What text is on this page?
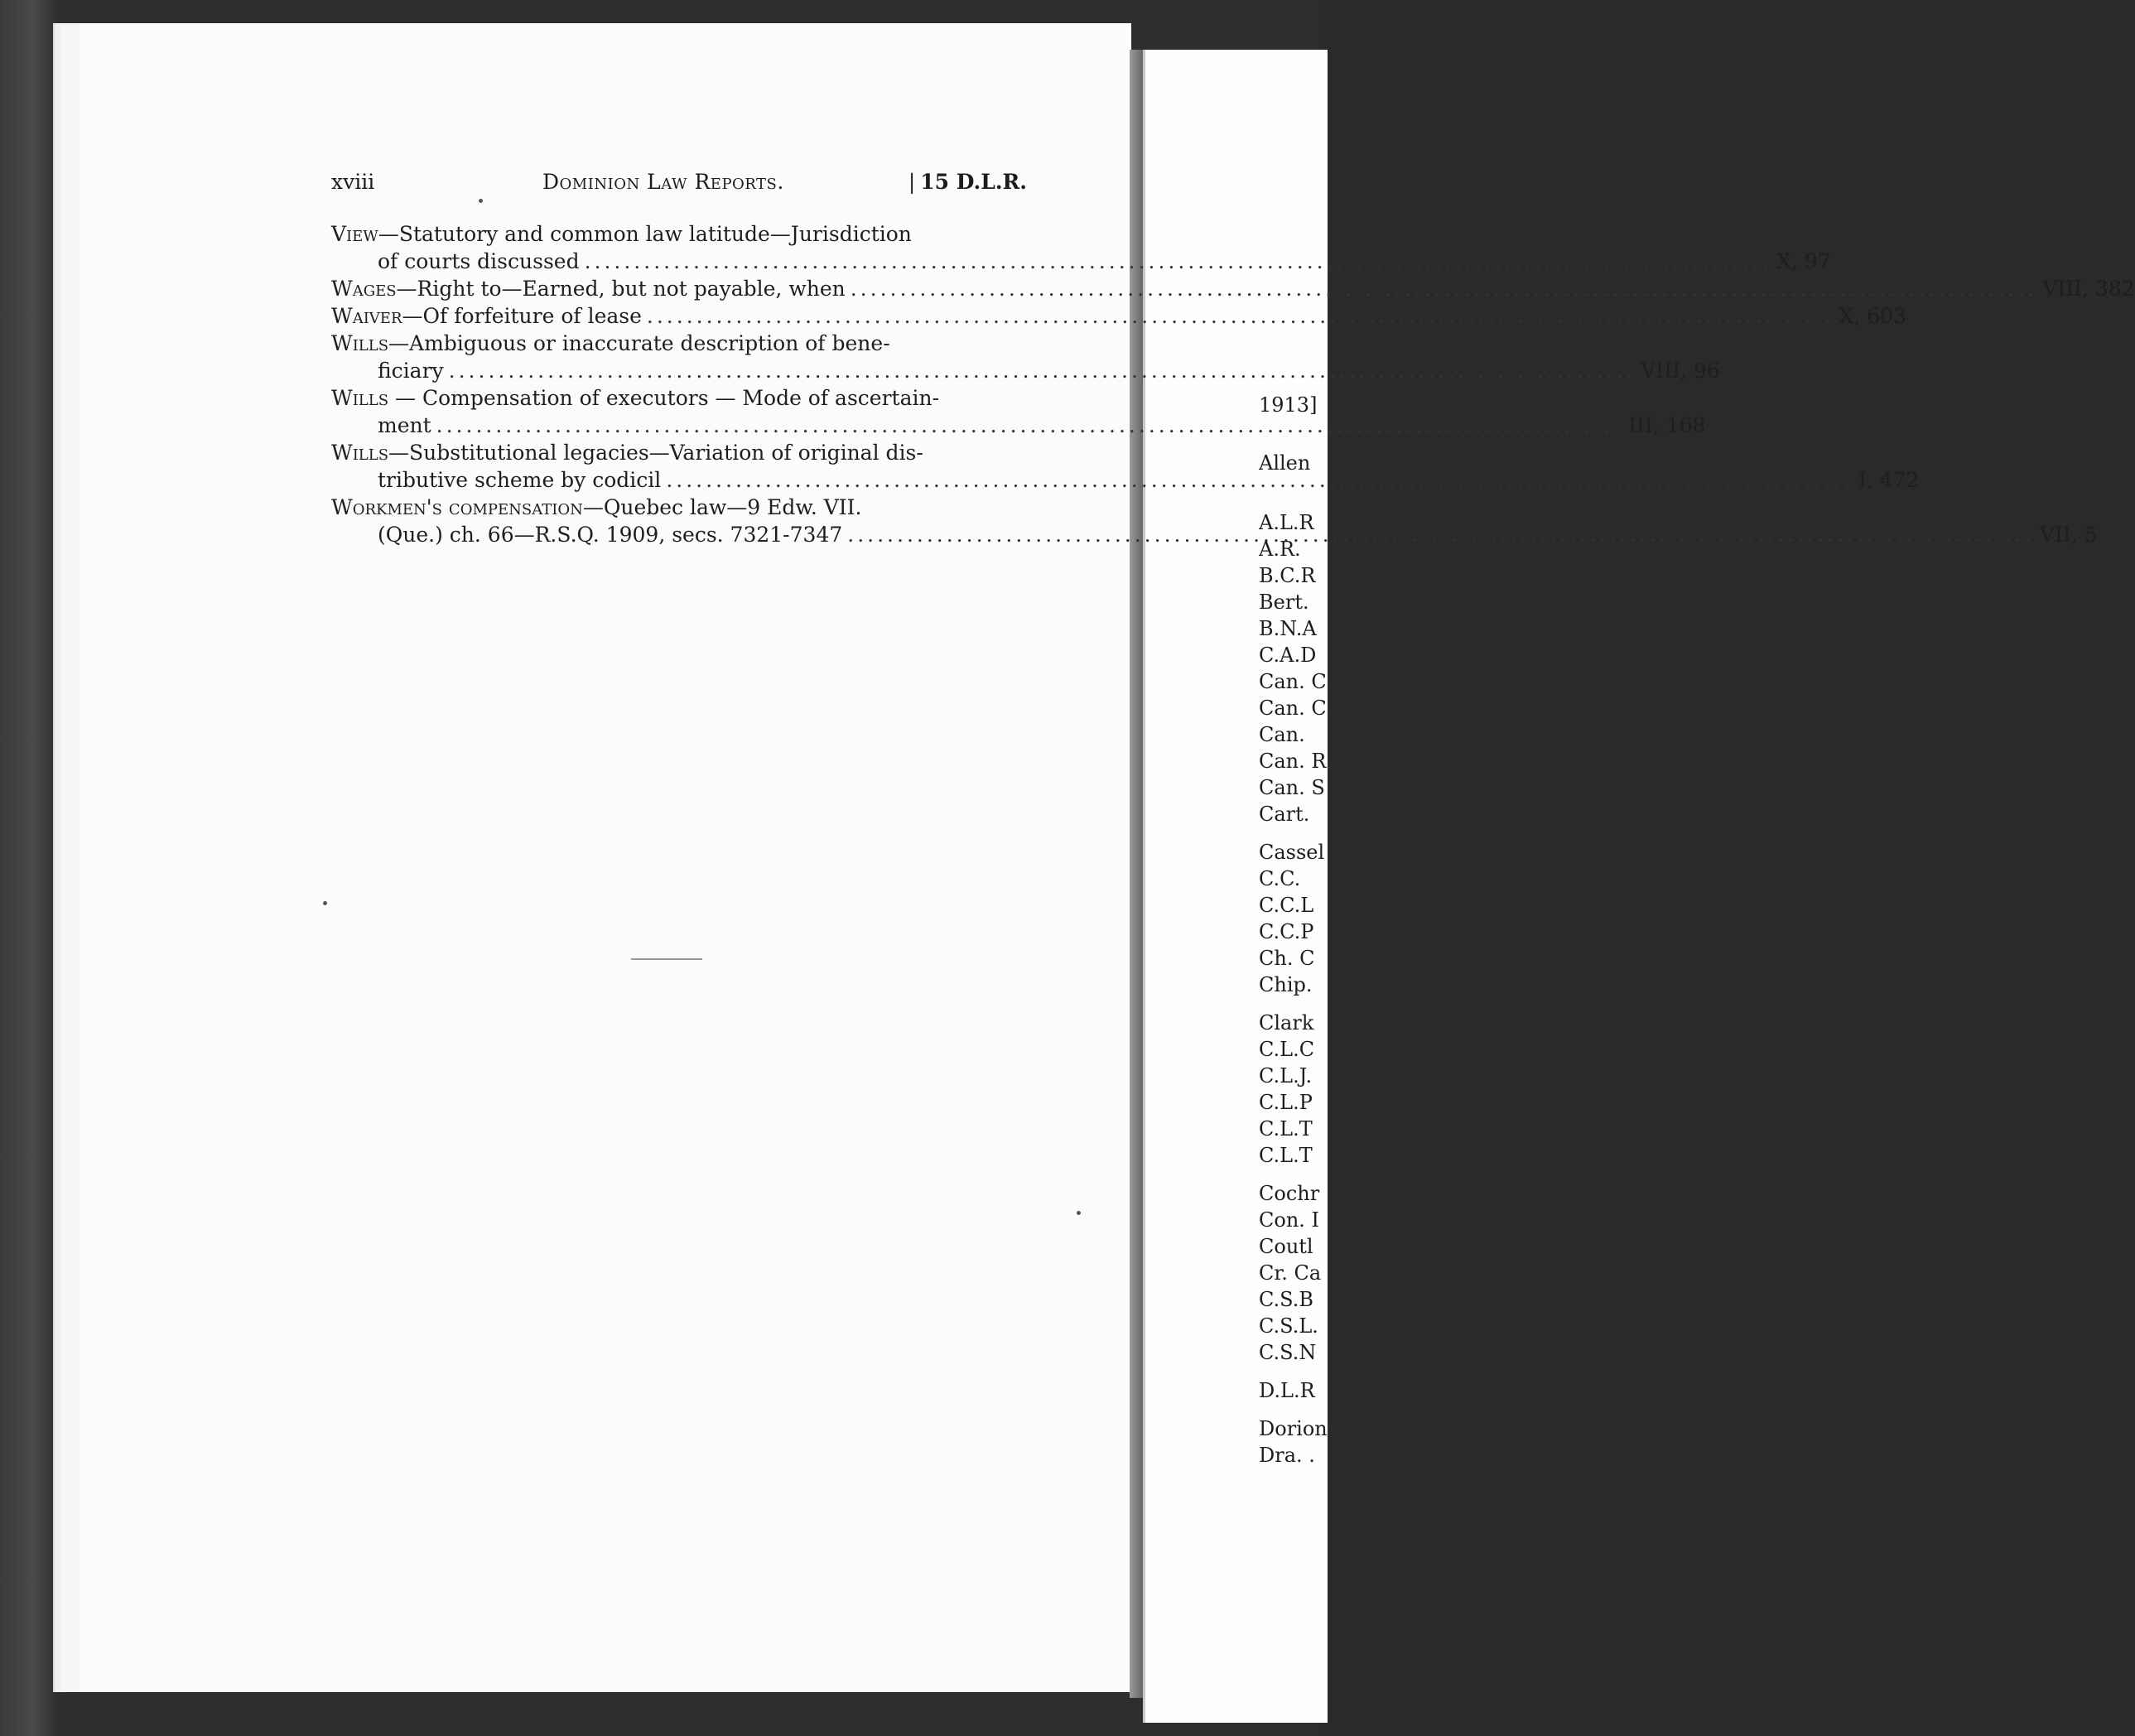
xviii	Dominion Law Reports.	| 15 D.L.R.
View—Statutory and common law latitude—Jurisdiction
of courts discussed .....	X, 97
Wages—Right to—Earned, but not payable, when .....	VIII, 382
Waiver—Of forfeiture of lease .....	X, 603
Wills—Ambiguous or inaccurate description of bene-
ficiary .....	VIII, 96
Wills — Compensation of executors — Mode of ascertain-
ment .....	III, 168
Wills—Substitutional legacies—Variation of original dis-
tributive scheme by codicil .....	I, 472
Workmen's compensation—Quebec law—9 Edw. VII.
(Que.) ch. 66—R.S.Q. 1909, secs. 7321-7347 .....	VII, 5
1913]
Allen
A.L.R
A.R.
B.C.R
Bert.
B.N.A
C.A.D
Can. C
Can. C
Can.
Can. R
Can. S
Cart.
Cassel
C.C.
C.C.L
C.C.P
Ch. C
Chip.
Clark
C.L.C
C.L.J.
C.L.P
C.L.T
C.L.T
Cochr
Con. I
Coutl
Cr. Ca
C.S.B
C.S.L.
C.S.N
D.L.R
Dorion
Dra. .
